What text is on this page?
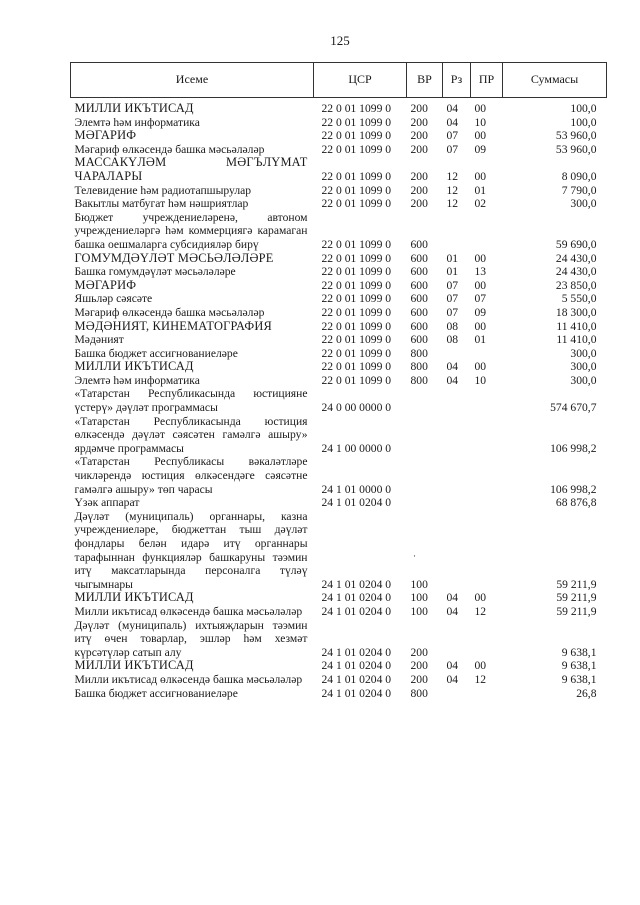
125
Исеме	ЦСР	ВР	Рз	ПР	Суммасы
МИЛЛИ ИКЪТИСАД	22 0 01 1099 0	200	04	00	100,0
Элемтә һәм информатика	22 0 01 1099 0	200	04	10	100,0
МӘГАРИФ	22 0 01 1099 0	200	07	00	53 960,0
Мәгариф өлкәсендә башка мәсьәләләр	22 0 01 1099 0	200	07	09	53 960,0
МАССАКҮЛӘМ МӘГЪЛҮМАТ ЧАРАЛАРЫ	22 0 01 1099 0	200	12	00	8 090,0
Телевидение һәм радиотапшырулар	22 0 01 1099 0	200	12	01	7 790,0
Вакытлы матбугат һәм нәшриятлар	22 0 01 1099 0	200	12	02	300,0
Бюджет учреждениеләренә, автоном учреждениеләргә һәм коммерциягә карамаган башка оешмаларга субсидияләр бирү	22 0 01 1099 0	600			59 690,0
ГОМУМДӘҮЛӘТ МӘСЬӘЛӘЛӘРЕ	22 0 01 1099 0	600	01	00	24 430,0
Башка гомумдәүләт мәсьәләләре	22 0 01 1099 0	600	01	13	24 430,0
МӘГАРИФ	22 0 01 1099 0	600	07	00	23 850,0
Яшьләр сәясәте	22 0 01 1099 0	600	07	07	5 550,0
Мәгариф өлкәсендә башка мәсьәләләр	22 0 01 1099 0	600	07	09	18 300,0
МӘДӘНИЯТ, КИНЕМАТОГРАФИЯ	22 0 01 1099 0	600	08	00	11 410,0
Мәдәният	22 0 01 1099 0	600	08	01	11 410,0
Башка бюджет ассигнованиеләре	22 0 01 1099 0	800			300,0
МИЛЛИ ИКЪТИСАД	22 0 01 1099 0	800	04	00	300,0
Элемтә һәм информатика	22 0 01 1099 0	800	04	10	300,0
«Татарстан Республикасында юстицияне үстерү» дәүләт программасы	24 0 00 0000 0				574 670,7
«Татарстан Республикасында юстиция өлкәсендә дәүләт сәясәтен гамәлгә ашыру» ярдәмче программасы	24 1 00 0000 0				106 998,2
«Татарстан Республикасы вәкаләтләре чикләрендә юстиция өлкәсендәге сәясәтне гамәлгә ашыру» төп чарасы	24 1 01 0000 0				106 998,2
Үзәк аппарат	24 1 01 0204 0				68 876,8
Дәүләт (муниципаль) органнары, казна учреждениеләре, бюджеттан тыш дәүләт фондлары белән идарә итү органнары тарафыннан функцияләр башкаруны тәэмин итү максатларында персоналга түләү чыгымнары	24 1 01 0204 0	100			59 211,9
МИЛЛИ ИКЪТИСАД	24 1 01 0204 0	100	04	00	59 211,9
Милли икътисад өлкәсендә башка мәсьәләләр	24 1 01 0204 0	100	04	12	59 211,9
Дәүләт (муниципаль) ихтыяҗларын тәэмин итү өчен товарлар, эшләр һәм хезмәт күрсәтүләр сатып алу	24 1 01 0204 0	200			9 638,1
МИЛЛИ ИКЪТИСАД	24 1 01 0204 0	200	04	00	9 638,1
Милли икътисад өлкәсендә башка мәсьәләләр	24 1 01 0204 0	200	04	12	9 638,1
Башка бюджет ассигнованиеләре	24 1 01 0204 0	800			26,8
·
